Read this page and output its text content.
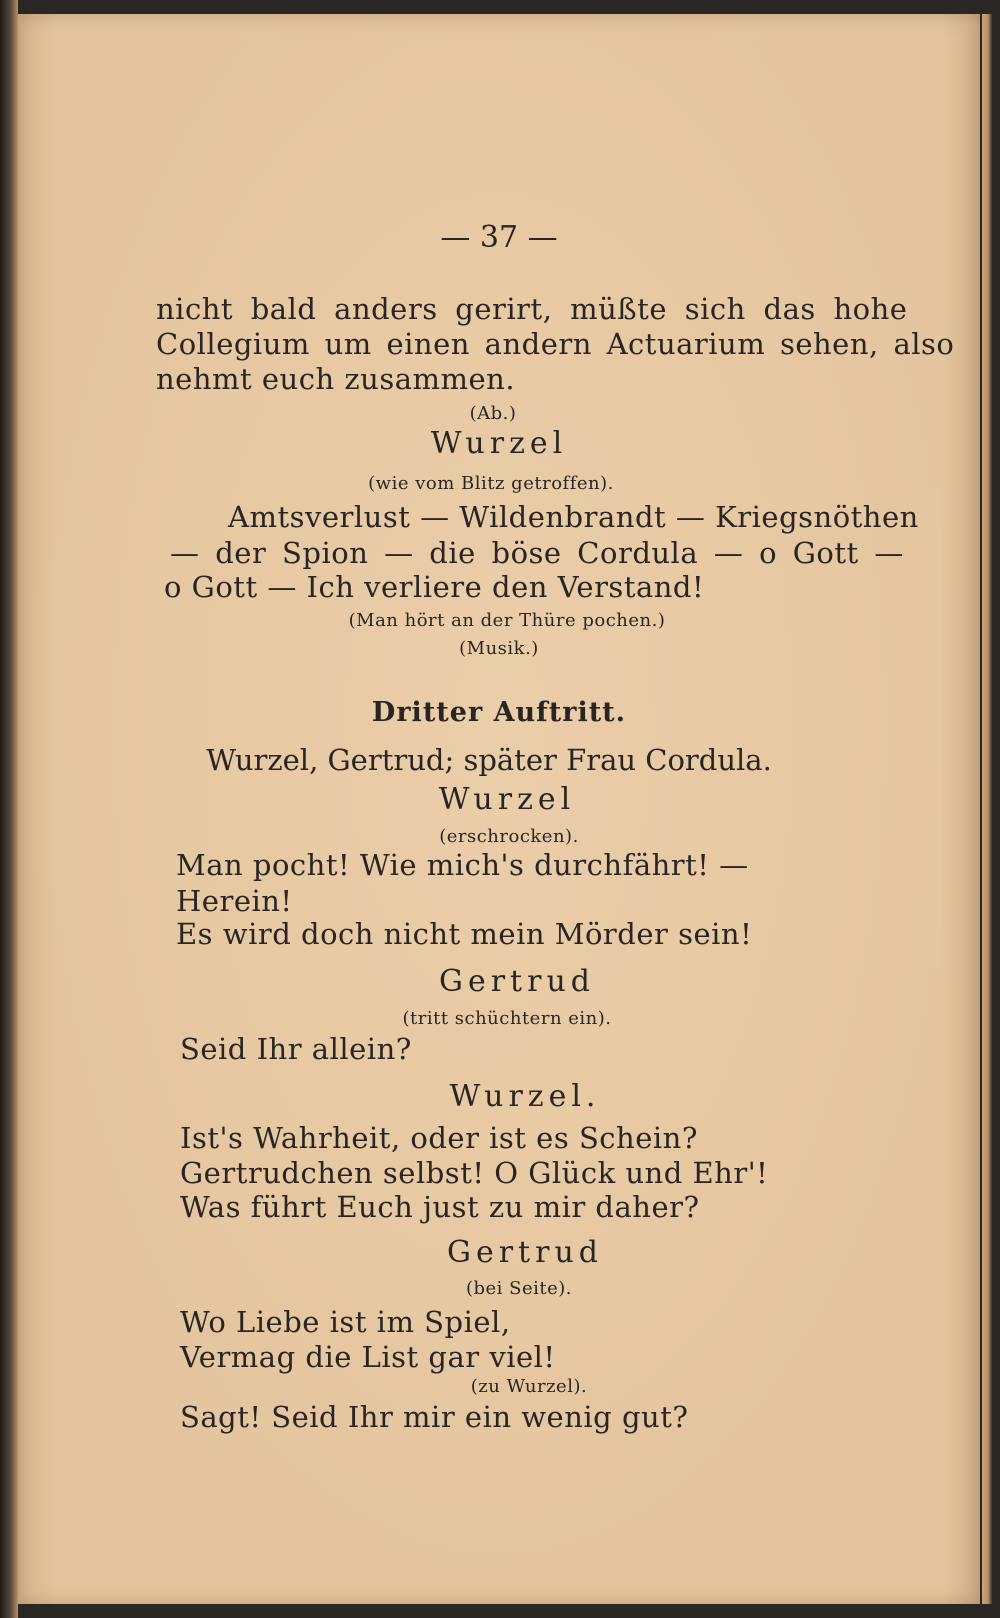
— 37 —
nicht bald anders gerirt, müßte sich das hohe
Collegium um einen andern Actuarium sehen, also
nehmt euch zusammen.
(Ab.)
Wurzel
(wie vom Blitz getroffen).
Amtsverlust — Wildenbrandt — Kriegsnöthen
— der Spion — die böse Cordula — o Gott —
o Gott — Ich verliere den Verstand!
(Man hört an der Thüre pochen.)
(Musik.)
Dritter Auftritt.
Wurzel, Gertrud; später Frau Cordula.
Wurzel
(erschrocken).
Man pocht! Wie mich's durchfährt! —
Herein!
Es wird doch nicht mein Mörder sein!
Gertrud
(tritt schüchtern ein).
Seid Ihr allein?
Wurzel.
Ist's Wahrheit, oder ist es Schein?
Gertrudchen selbst! O Glück und Ehr'!
Was führt Euch just zu mir daher?
Gertrud
(bei Seite).
Wo Liebe ist im Spiel,
Vermag die List gar viel!
(zu Wurzel).
Sagt! Seid Ihr mir ein wenig gut?
